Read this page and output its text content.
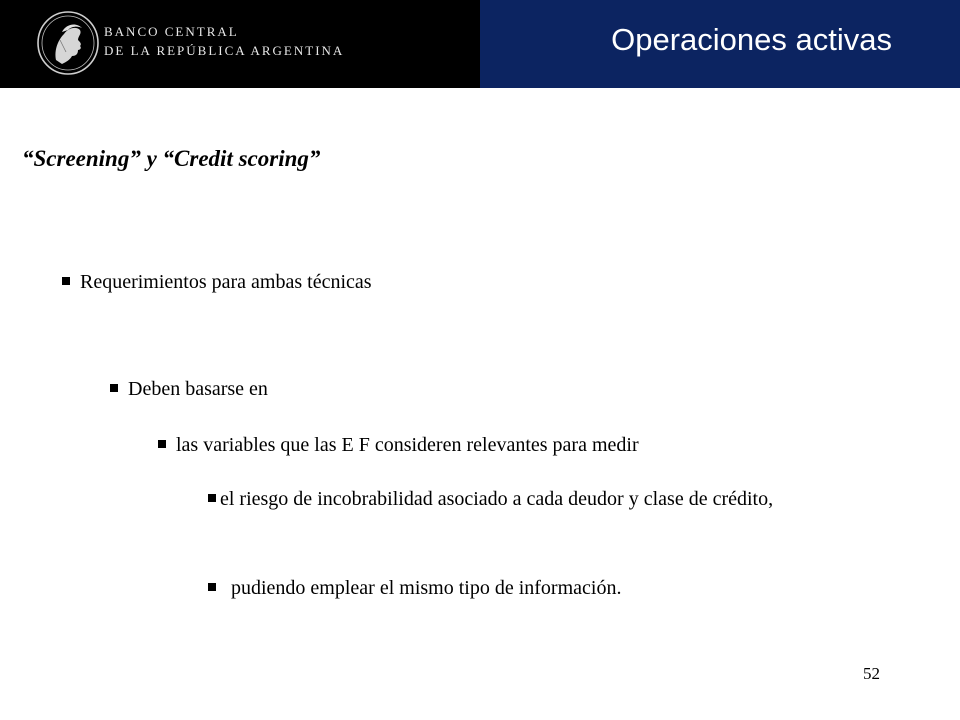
BANCO CENTRAL
DE LA REPÚBLICA ARGENTINA	Operaciones activas
“Screening” y “Credit scoring”
Requerimientos para ambas técnicas
Deben basarse en
las variables que las E F consideren relevantes para medir
el riesgo de incobrabilidad asociado a cada deudor y clase de crédito,
pudiendo emplear el mismo tipo de información.
52
